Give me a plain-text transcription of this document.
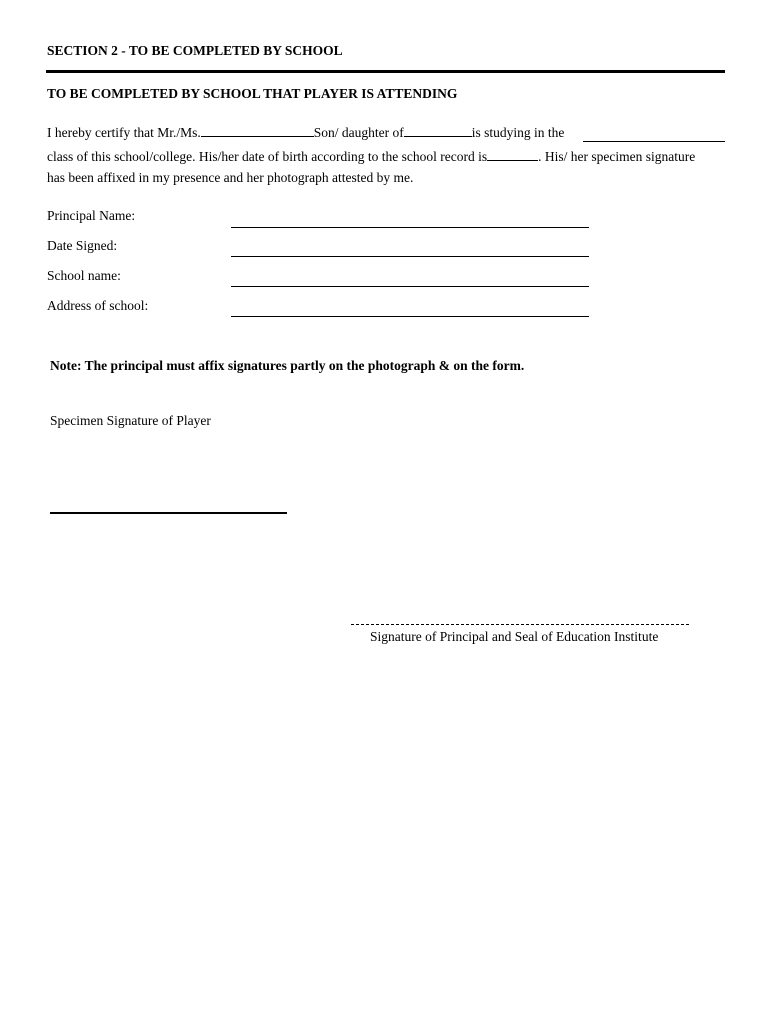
SECTION 2 - TO BE COMPLETED BY SCHOOL
TO BE COMPLETED BY SCHOOL THAT PLAYER IS ATTENDING
I hereby certify that Mr./Ms.	Son/ daughter of	is studying in the
class of this school/college. His/her date of birth according to the school record is	. His/ her specimen signature
has been affixed in my presence and her photograph attested by me.
Principal Name:
Date Signed:
School name:
Address of school:
Note: The principal must affix signatures partly on the photograph & on the form.
Specimen Signature of Player
Signature of Principal and Seal of Education Institute
